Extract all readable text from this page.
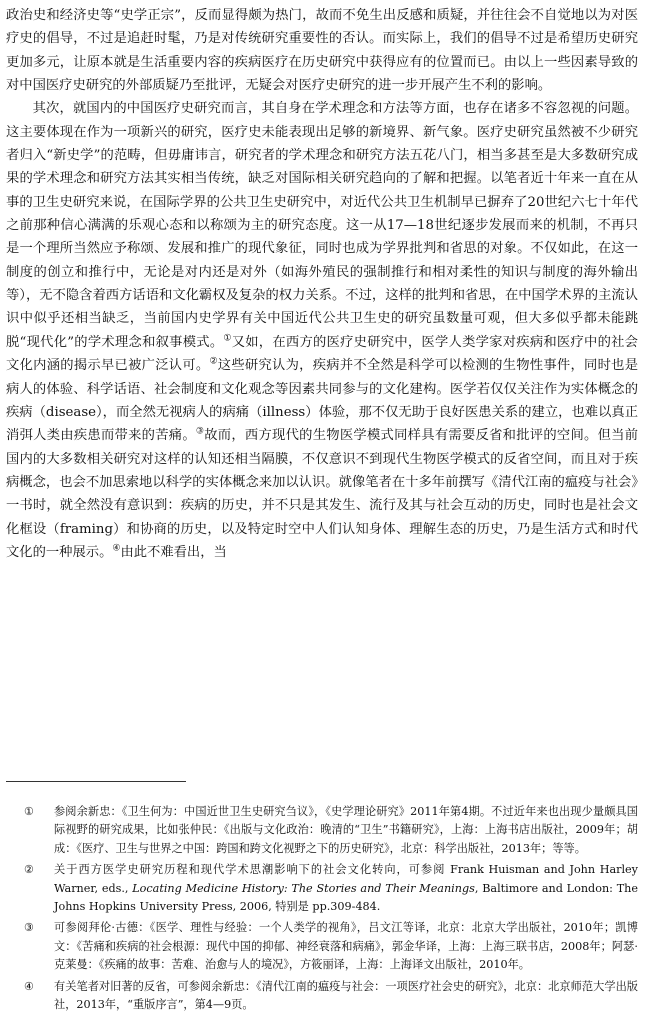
政治史和经济史等“史学正宗”，反而显得颇为热门，故而不免生出反感和质疑，并往往会不自觉地以为对医疗史的倡导，不过是追赶时髦，乃是对传统研究重要性的否认。而实际上，我们的倡导不过是希望历史研究更加多元，让原本就是生活重要内容的疾病医疗在历史研究中获得应有的位置而已。由以上一些因素导致的对中国医疗史研究的外部质疑乃至批评，无疑会对医疗史研究的进一步开展产生不利的影响。

其次，就国内的中国医疗史研究而言，其自身在学术理念和方法等方面，也存在诸多不容忽视的问题。这主要体现在作为一项新兴的研究，医疗史未能表现出足够的新境界、新气象。医疗史研究虽然被不少研究者归入“新史学”的范畴，但毋庸讳言，研究者的学术理念和研究方法五花八门，相当多甚至是大多数研究成果的学术理念和研究方法其实相当传统，缺乏对国际相关研究趋向的了解和把握。以笔者近十年来一直在从事的卫生史研究来说，在国际学界的公共卫生史研究中，对近代公共卫生机制早已摒弃了20世纪六七十年代之前那种信心满满的乐观心态和以称颂为主的研究态度。这一从17—18世纪逐步发展而来的机制，不再只是一个理所当然应予称颂、发展和推广的现代象征，同时也成为学界批判和省思的对象。不仅如此，在这一制度的创立和推行中，无论是对内还是对外（如海外殖民的强制推行和相对柔性的知识与制度的海外输出等），无不隐含着西方话语和文化霸权及复杂的权力关系。不过，这样的批判和省思，在中国学术界的主流认识中似乎还相当缺乏，当前国内史学界有关中国近代公共卫生史的研究虽数量可观，但大多似乎都未能跳脱“现代化”的学术理念和叙事模式。①又如，在西方的医疗史研究中，医学人类学家对疾病和医疗中的社会文化内涵的揭示早已被广泛认可。②这些研究认为，疾病并不全然是科学可以检测的生物性事件，同时也是病人的体验、科学话语、社会制度和文化观念等因素共同参与的文化建构。医学若仅仅关注作为实体概念的疾病（disease），而全然无视病人的病痛（illness）体验，那不仅无助于良好医患关系的建立，也难以真正消弭人类由疾患而带来的苦痛。③故而，西方现代的生物医学模式同样具有需要反省和批评的空间。但当前国内的大多数相关研究对这样的认知还相当隔膜，不仅意识不到现代生物医学模式的反省空间，而且对于疾病概念，也会不加思索地以科学的实体概念来加以认识。就像笔者在十多年前撰写《清代江南的瘟疫与社会》一书时，就全然没有意识到：疾病的历史，并不只是其发生、流行及其与社会互动的历史，同时也是社会文化框设（framing）和协商的历史，以及特定时空中人们认知身体、理解生态的历史，乃是生活方式和时代文化的一种展示。④由此不难看出，当

①	参阅余新忠：《卫生何为：中国近世卫生史研究刍议》，《史学理论研究》2011年第4期。不过近年来也出现少量颇具国际视野的研究成果，比如张仲民：《出版与文化政治：晚清的“卫生”书籍研究》，上海：上海书店出版社，2009年；胡成：《医疗、卫生与世界之中国：跨国和跨文化视野之下的历史研究》，北京：科学出版社，2013年；等等。

②	关于西方医学史研究历程和现代学术思潮影响下的社会文化转向，可参阅 Frank Huisman and John Harley Warner, eds., Locating Medicine History: The Stories and Their Meanings, Baltimore and London: The Johns Hopkins University Press, 2006, 特别是 pp.309-484.

③	可参阅拜伦·古德：《医学、理性与经验：一个人类学的视角》，吕文江等译，北京：北京大学出版社，2010年；凯博文：《苦痛和疾病的社会根源：现代中国的抑郁、神经衰落和病痛》，郭金华译，上海：上海三联书店，2008年；阿瑟·克莱曼：《疾痛的故事：苦难、治愈与人的境况》，方筱丽译，上海：上海译文出版社，2010年。

④	有关笔者对旧著的反省，可参阅余新忠：《清代江南的瘟疫与社会：一项医疗社会史的研究》，北京：北京师范大学出版社，2013年，“重版序言”，第4—9页。
